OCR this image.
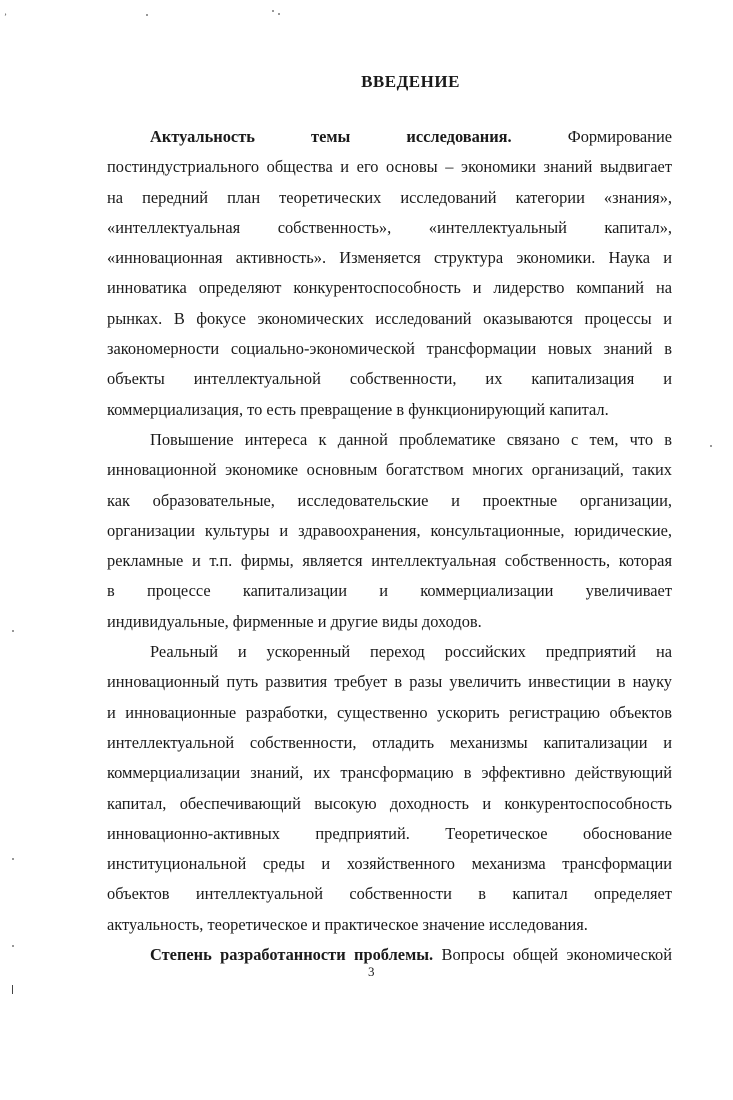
ʼ
ВВЕДЕНИЕ
Актуальность темы исследования.	Формирование
постиндустриального общества и его основы – экономики знаний выдвигает
на передний план теоретических исследований категории «знания»,
«интеллектуальная собственность», «интеллектуальный капитал»,
«инновационная активность». Изменяется структура экономики. Наука и
инноватика определяют конкурентоспособность и лидерство компаний на
рынках. В фокусе экономических исследований оказываются процессы и
закономерности социально-экономической трансформации новых знаний в
объекты интеллектуальной собственности, их капитализация и
коммерциализация, то есть превращение в функционирующий капитал.
Повышение интереса к данной проблематике связано с тем, что в
инновационной экономике основным богатством многих организаций, таких
как образовательные, исследовательские и проектные организации,
организации культуры и здравоохранения, консультационные, юридические,
рекламные и т.п. фирмы, является интеллектуальная собственность, которая
в процессе капитализации и коммерциализации увеличивает
индивидуальные, фирменные и другие виды доходов.
Реальный и ускоренный переход российских предприятий на
инновационный путь развития требует в разы увеличить инвестиции в науку
и инновационные разработки, существенно ускорить регистрацию объектов
интеллектуальной собственности, отладить механизмы капитализации и
коммерциализации знаний, их трансформацию в эффективно действующий
капитал, обеспечивающий высокую доходность и конкурентоспособность
инновационно-активных предприятий. Теоретическое обоснование
институциональной среды и хозяйственного механизма трансформации
объектов интеллектуальной собственности в капитал определяет
актуальность, теоретическое и практическое значение исследования.
Степень разработанности проблемы. Вопросы общей экономической
3
